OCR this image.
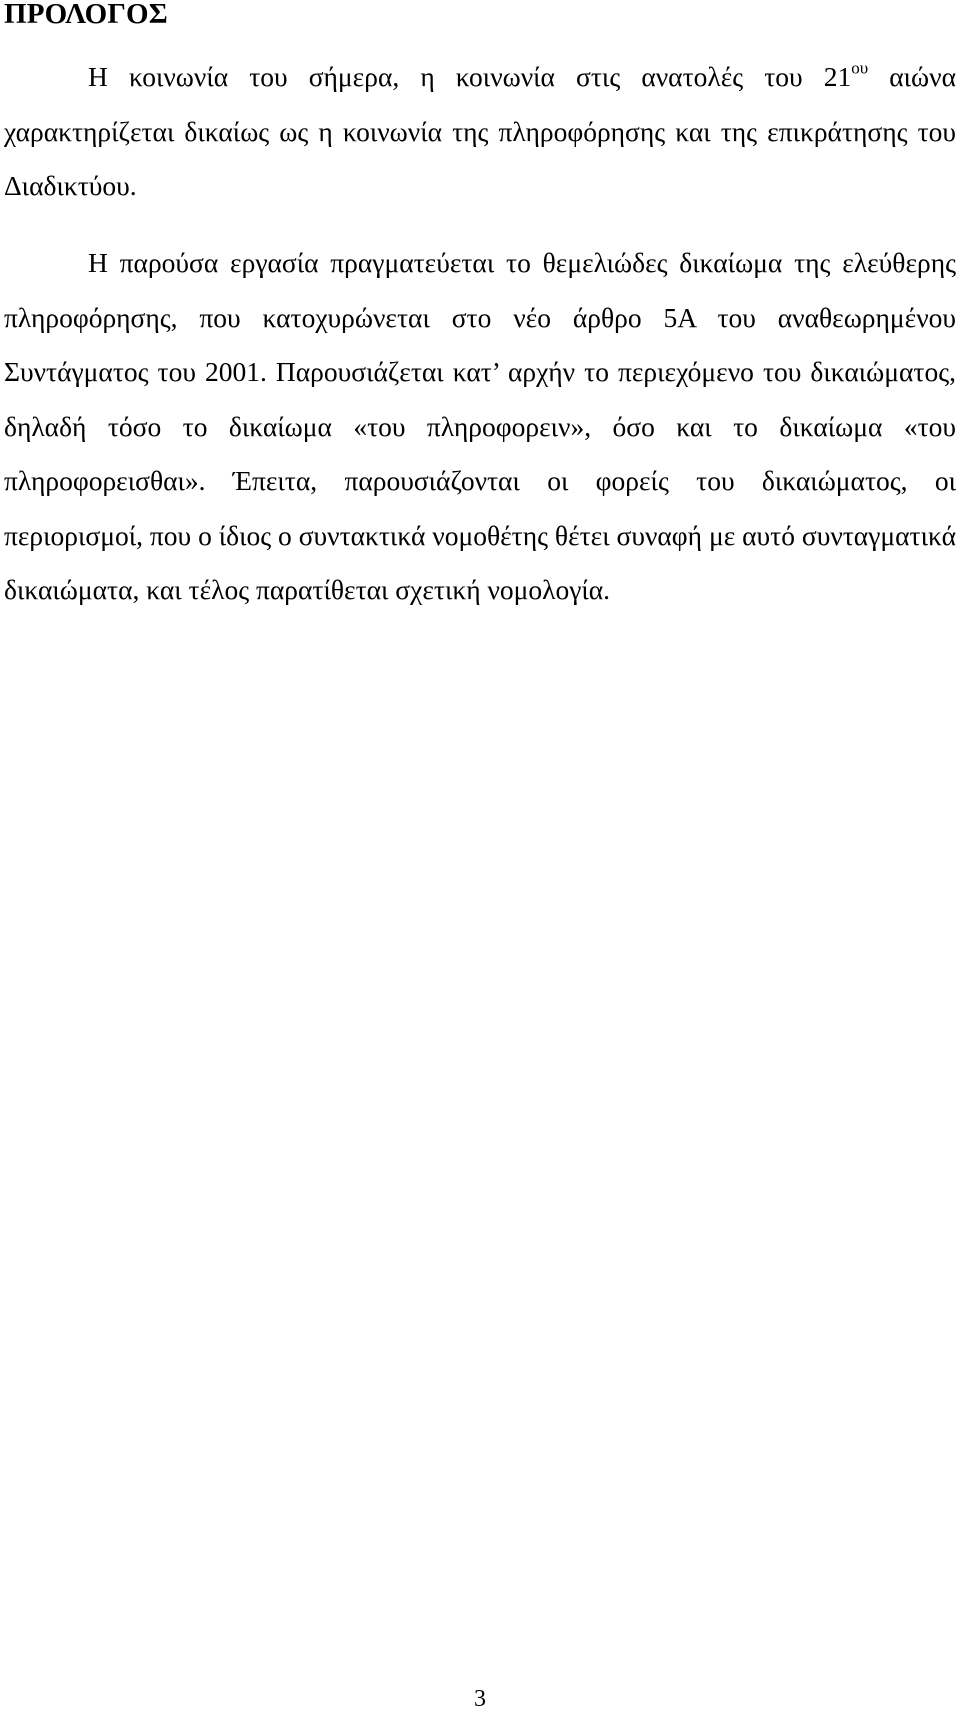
ΠΡΟΛΟΓΟΣ

Η κοινωνία του σήμερα, η κοινωνία στις ανατολές του $21^{o\upsilon}$ αιώνα χαρακτηρίζεται δικαίως ως η κοινωνία της πληροφόρησης και της επικράτησης του Διαδικτύου.

Η παρούσα εργασία πραγματεύεται το θεμελιώδες δικαίωμα της ελεύθερης πληροφόρησης, που κατοχυρώνεται στο νέο άρθρο 5Α του αναθεωρημένου Συντάγματος του 2001. Παρουσιάζεται κατ’ αρχήν το περιεχόμενο του δικαιώματος, δηλαδή τόσο το δικαίωμα «του πληροφορειν», όσο και το δικαίωμα «του πληροφορεισθαι». Έπειτα, παρουσιάζονται οι φορείς του δικαιώματος, οι περιορισμοί, που ο ίδιος ο συντακτικά νομοθέτης θέτει συναφή με αυτό συνταγματικά δικαιώματα, και τέλος παρατίθεται σχετική νομολογία.

3
